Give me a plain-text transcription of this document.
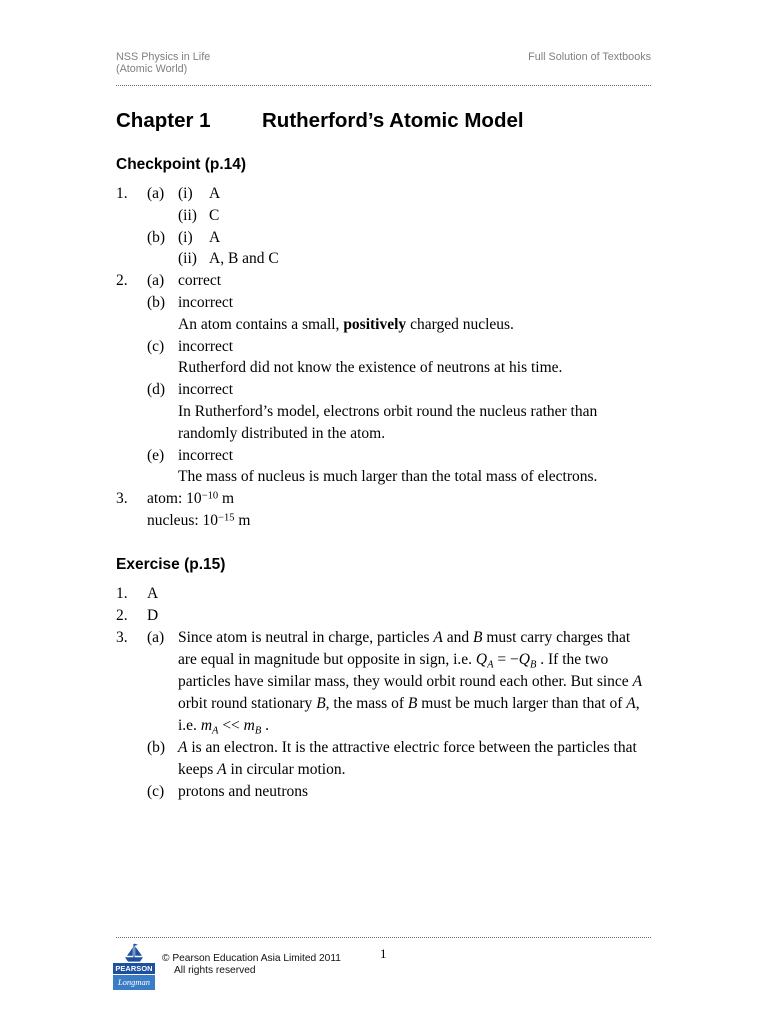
NSS Physics in Life
(Atomic World)
Full Solution of Textbooks
Chapter 1	Rutherford’s Atomic Model
Checkpoint (p.14)
1. (a) (i) A
(ii) C
(b) (i) A
(ii) A, B and C
2. (a) correct
(b) incorrect
An atom contains a small, positively charged nucleus.
(c) incorrect
Rutherford did not know the existence of neutrons at his time.
(d) incorrect
In Rutherford’s model, electrons orbit round the nucleus rather than
randomly distributed in the atom.
(e) incorrect
The mass of nucleus is much larger than the total mass of electrons.
3. atom: $10^{-10}$ m
nucleus: $10^{-15}$ m
Exercise (p.15)
1. A
2. D
3. (a) Since atom is neutral in charge, particles A and B must carry charges that
are equal in magnitude but opposite in sign, i.e. $Q_A = -Q_B$ . If the two
particles have similar mass, they would orbit round each other. But since A
orbit round stationary B, the mass of B must be much larger than that of A,
i.e. $m_A << m_B$ .
(b) A is an electron. It is the attractive electric force between the particles that
keeps A in circular motion.
(c) protons and neutrons
PEARSON
Longman
© Pearson Education Asia Limited 2011
All rights reserved
1
